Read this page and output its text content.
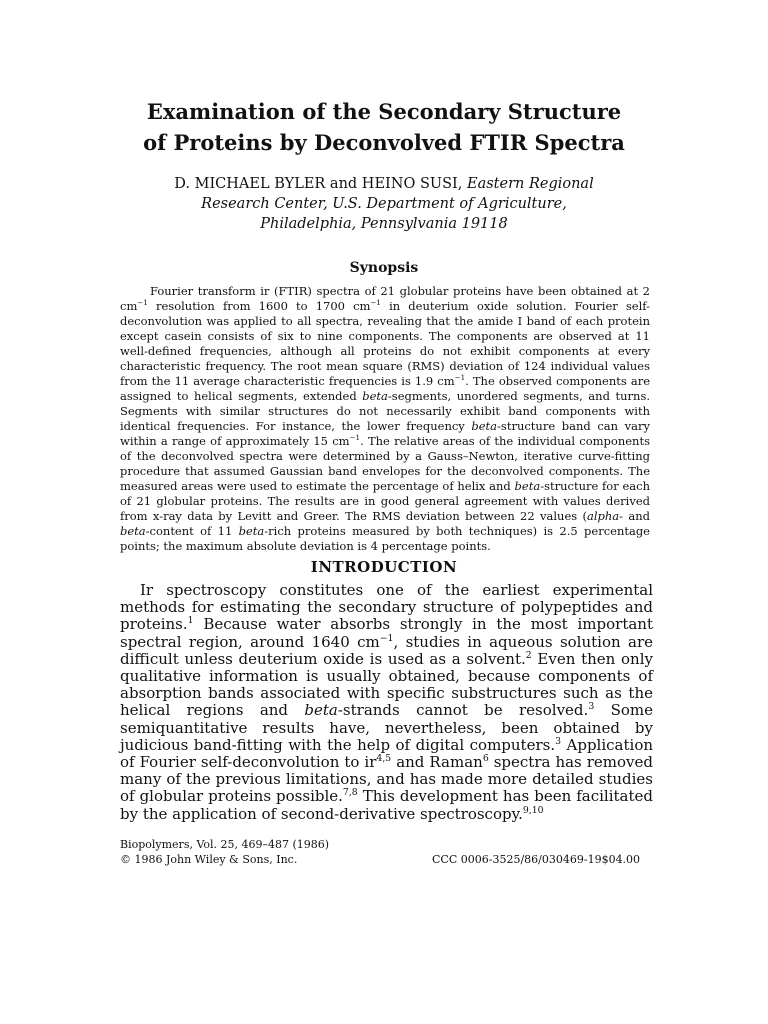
Examination of the Secondary Structure
of Proteins by Deconvolved FTIR Spectra
D. MICHAEL BYLER and HEINO SUSI, Eastern Regional
Research Center, U.S. Department of Agriculture,
Philadelphia, Pennsylvania 19118
Synopsis

Fourier transform ir (FTIR) spectra of 21 globular proteins have been obtained at 2 $cm^{-1}$ resolution from 1600 to 1700 $cm^{-1}$ in deuterium oxide solution. Fourier self-deconvolution was applied to all spectra, revealing that the amide I band of each protein except casein consists of six to nine components. The components are observed at 11 well-defined frequencies, although all proteins do not exhibit components at every characteristic frequency. The root mean square (RMS) deviation of 124 individual values from the 11 average characteristic frequencies is 1.9 $cm^{-1}$. The observed components are assigned to helical segments, extended beta-segments, unordered segments, and turns. Segments with similar structures do not necessarily exhibit band components with identical frequencies. For instance, the lower frequency beta-structure band can vary within a range of approximately 15 $cm^{-1}$. The relative areas of the individual components of the deconvolved spectra were determined by a Gauss–Newton, iterative curve-fitting procedure that assumed Gaussian band envelopes for the deconvolved components. The measured areas were used to estimate the percentage of helix and beta-structure for each of 21 globular proteins. The results are in good general agreement with values derived from x-ray data by Levitt and Greer. The RMS deviation between 22 values (alpha- and beta-content of 11 beta-rich proteins measured by both techniques) is 2.5 percentage points; the maximum absolute deviation is 4 percentage points.

INTRODUCTION

Ir spectroscopy constitutes one of the earliest experimental methods for estimating the secondary structure of polypeptides and proteins.$^1$ Because water absorbs strongly in the most important spectral region, around 1640 $cm^{-1}$, studies in aqueous solution are difficult unless deuterium oxide is used as a solvent.$^2$ Even then only qualitative information is usually obtained, because components of absorption bands associated with specific substructures such as the helical regions and beta-strands cannot be resolved.$^3$ Some semiquantitative results have, nevertheless, been obtained by judicious band-fitting with the help of digital computers.$^3$ Application of Fourier self-deconvolution to ir$^{4,5}$ and Raman$^6$ spectra has removed many of the previous limitations, and has made more detailed studies of globular proteins possible.$^{7,8}$ This development has been facilitated by the application of second-derivative spectroscopy.$^{9,10}$

Biopolymers, Vol. 25, 469–487 (1986)
© 1986 John Wiley & Sons, Inc.	CCC 0006-3525/86/030469-19$04.00
